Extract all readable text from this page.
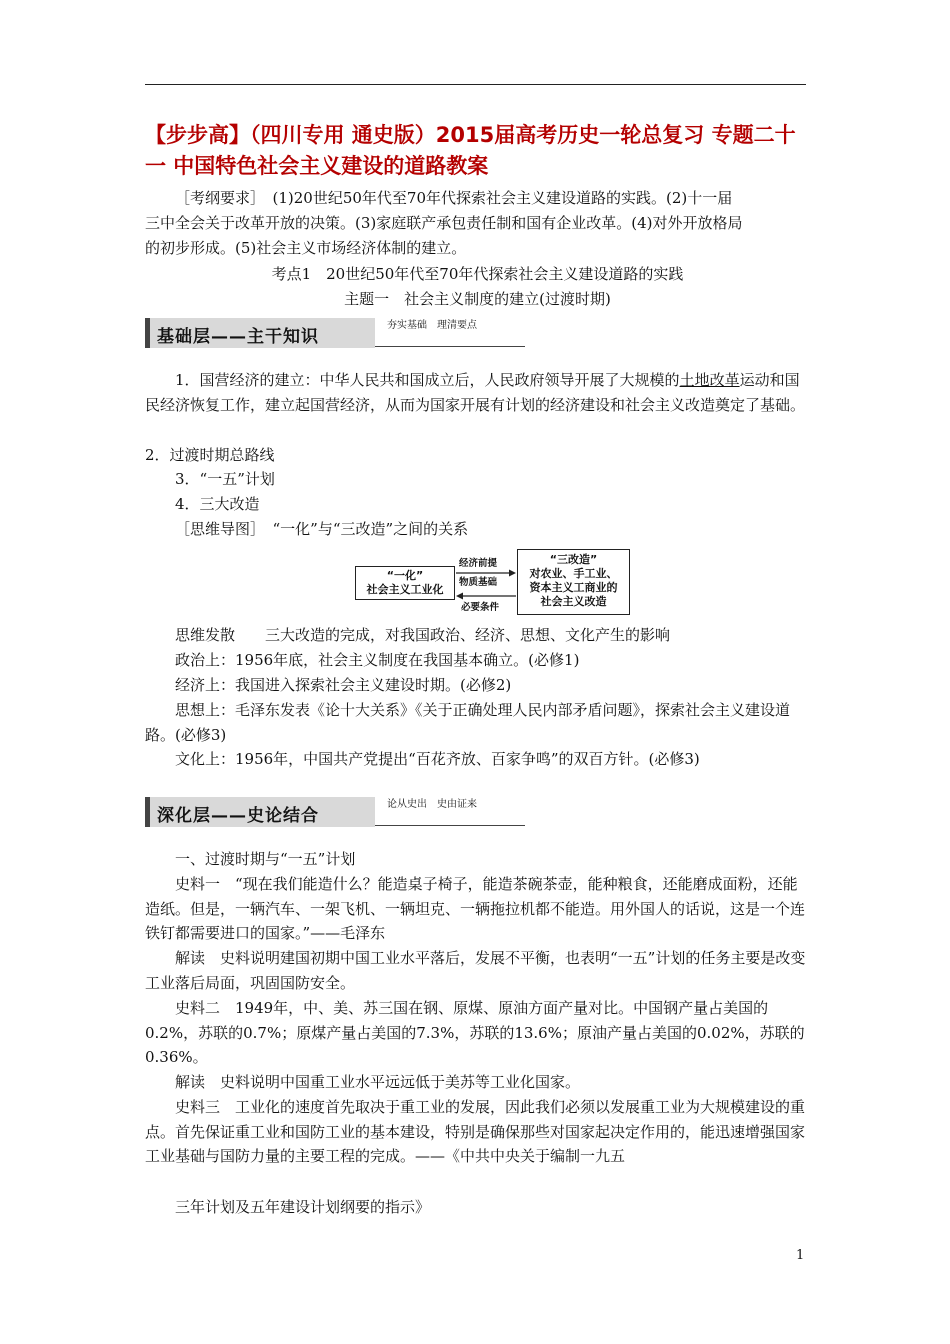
【步步高】（四川专用 通史版）2015届高考历史一轮总复习 专题二十一 中国特色社会主义建设的道路教案

［考纲要求］　(1)20世纪50年代至70年代探索社会主义建设道路的实践。(2)十一届

三中全会关于改革开放的决策。(3)家庭联产承包责任制和国有企业改革。(4)对外开放格局

的初步形成。(5)社会主义市场经济体制的建立。

考点1　20世纪50年代至70年代探索社会主义建设道路的实践

主题一　社会主义制度的建立(过渡时期)

基础层——主干知识
夯实基础　理清要点

1．国营经济的建立：中华人民共和国成立后，人民政府领导开展了大规模的土地改革运动和国民经济恢复工作，建立起国营经济，从而为国家开展有计划的经济建设和社会主义改造奠定了基础。

2．过渡时期总路线

3．“一五”计划

4．三大改造

［思维导图］　“一化”与“三改造”之间的关系

“一化”
社会主义工业化
“三改造”
对农业、手工业、
资本主义工商业的
社会主义改造
经济前提
物质基础
必要条件

思维发散　　三大改造的完成，对我国政治、经济、思想、文化产生的影响

政治上：1956年底，社会主义制度在我国基本确立。(必修1)

经济上：我国进入探索社会主义建设时期。(必修2)

思想上：毛泽东发表《论十大关系》《关于正确处理人民内部矛盾问题》，探索社会主义建设道路。(必修3)

文化上：1956年，中国共产党提出“百花齐放、百家争鸣”的双百方针。(必修3)

深化层——史论结合
论从史出　史由证来

一、过渡时期与“一五”计划

史料一　“现在我们能造什么？能造桌子椅子，能造茶碗茶壶，能种粮食，还能磨成面粉，还能造纸。但是，一辆汽车、一架飞机、一辆坦克、一辆拖拉机都不能造。用外国人的话说，这是一个连铁钉都需要进口的国家。”——毛泽东

解读　史料说明建国初期中国工业水平落后，发展不平衡，也表明“一五”计划的任务主要是改变工业落后局面，巩固国防安全。

史料二　1949年，中、美、苏三国在钢、原煤、原油方面产量对比。中国钢产量占美国的0.2%，苏联的0.7%；原煤产量占美国的7.3%，苏联的13.6%；原油产量占美国的0.02%，苏联的0.36%。

解读　史料说明中国重工业水平远远低于美苏等工业化国家。

史料三　工业化的速度首先取决于重工业的发展，因此我们必须以发展重工业为大规模建设的重点。首先保证重工业和国防工业的基本建设，特别是确保那些对国家起决定作用的，能迅速增强国家工业基础与国防力量的主要工程的完成。——《中共中央关于编制一九五

三年计划及五年建设计划纲要的指示》

1
